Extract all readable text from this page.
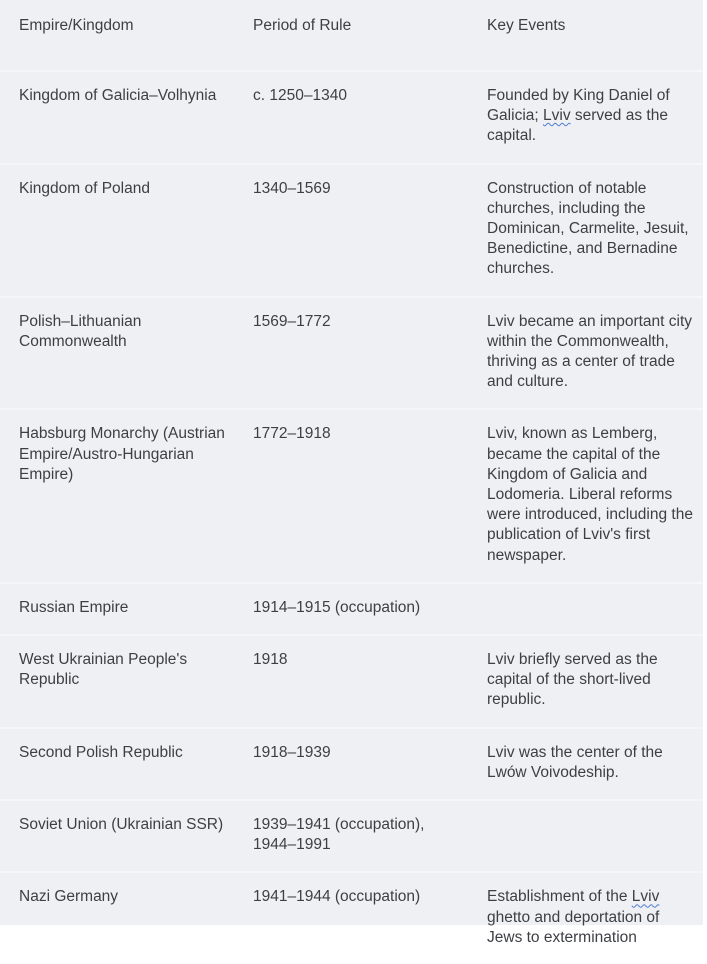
Empire/Kingdom	Period of Rule	Key Events
Kingdom of Galicia–Volhynia	c. 1250–1340	Founded by King Daniel of Galicia; Lviv served as the capital.
Kingdom of Poland	1340–1569	Construction of notable churches, including the Dominican, Carmelite, Jesuit, Benedictine, and Bernadine churches.
Polish–Lithuanian Commonwealth	1569–1772	Lviv became an important city within the Commonwealth, thriving as a center of trade and culture.
Habsburg Monarchy (Austrian Empire/Austro-Hungarian Empire)	1772–1918	Lviv, known as Lemberg, became the capital of the Kingdom of Galicia and Lodomeria. Liberal reforms were introduced, including the publication of Lviv's first newspaper.
Russian Empire	1914–1915 (occupation)	
West Ukrainian People's Republic	1918	Lviv briefly served as the capital of the short-lived republic.
Second Polish Republic	1918–1939	Lviv was the center of the Lwów Voivodeship.
Soviet Union (Ukrainian SSR)	1939–1941 (occupation), 1944–1991	
Nazi Germany	1941–1944 (occupation)	Establishment of the Lviv ghetto and deportation of Jews to extermination
